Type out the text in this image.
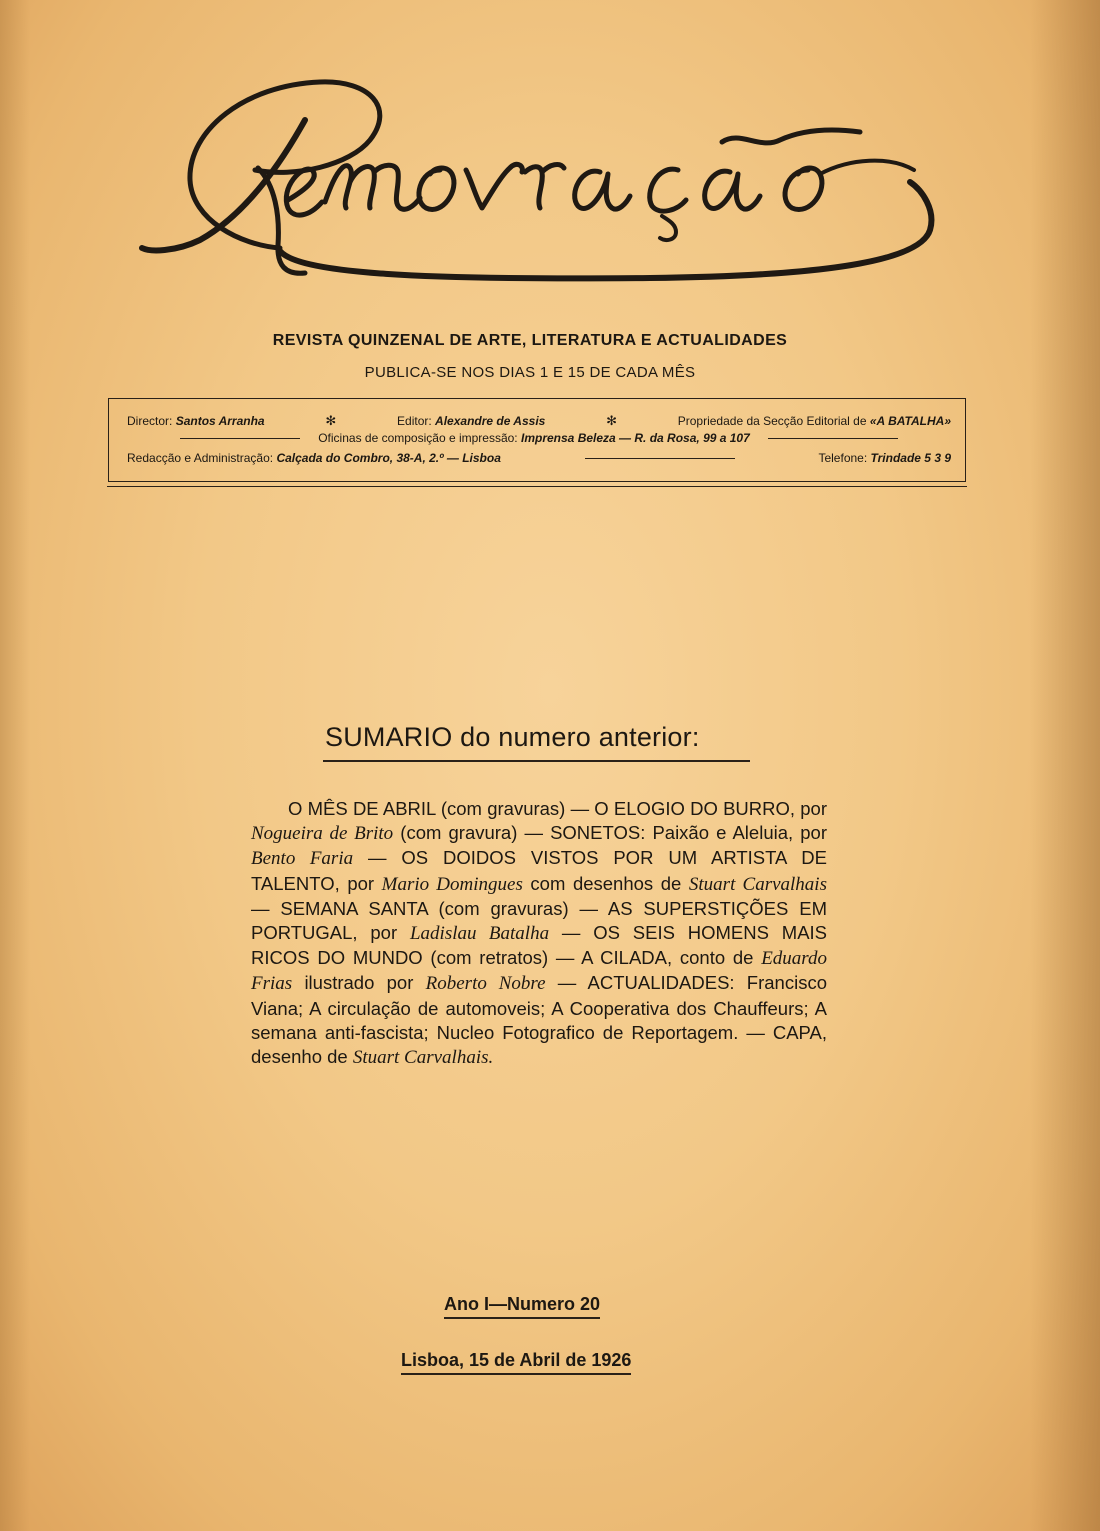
REVISTA QUINZENAL DE ARTE, LITERATURA E ACTUALIDADES
PUBLICA-SE NOS DIAS 1 E 15 DE CADA MÊS
Director: Santos Arranha	✻	Editor: Alexandre de Assis	✻	Propriedade da Secção Editorial de «A BATALHA»
Oficinas de composição e impressão:
Imprensa Beleza — R. da Rosa, 99 a 107
Redacção e Administração: Calçada do Combro, 38-A, 2.º — Lisboa	Telefone: Trindade 5 3 9
SUMARIO do numero anterior:
O MÊS DE ABRIL (com gravuras) — O ELOGIO DO BURRO, por Nogueira de Brito (com gravura) — SONETOS: Paixão e Aleluia, por Bento Faria — OS DOIDOS VISTOS POR UM ARTISTA DE TALENTO, por Mario Domingues com desenhos de Stuart Carvalhais — SEMANA SANTA (com gravuras) — AS SUPERSTIÇÕES EM PORTUGAL, por Ladislau Batalha — OS SEIS HOMENS MAIS RICOS DO MUNDO (com retratos) — A CILADA, conto de Eduardo Frias ilustrado por Roberto Nobre — ACTUALIDADES: Francisco Viana; A circulação de automoveis; A Cooperativa dos Chauffeurs; A semana anti-fascista; Nucleo Fotografico de Reportagem. — CAPA, desenho de Stuart Carvalhais.
Ano I—Numero 20
Lisboa, 15 de Abril de 1926
